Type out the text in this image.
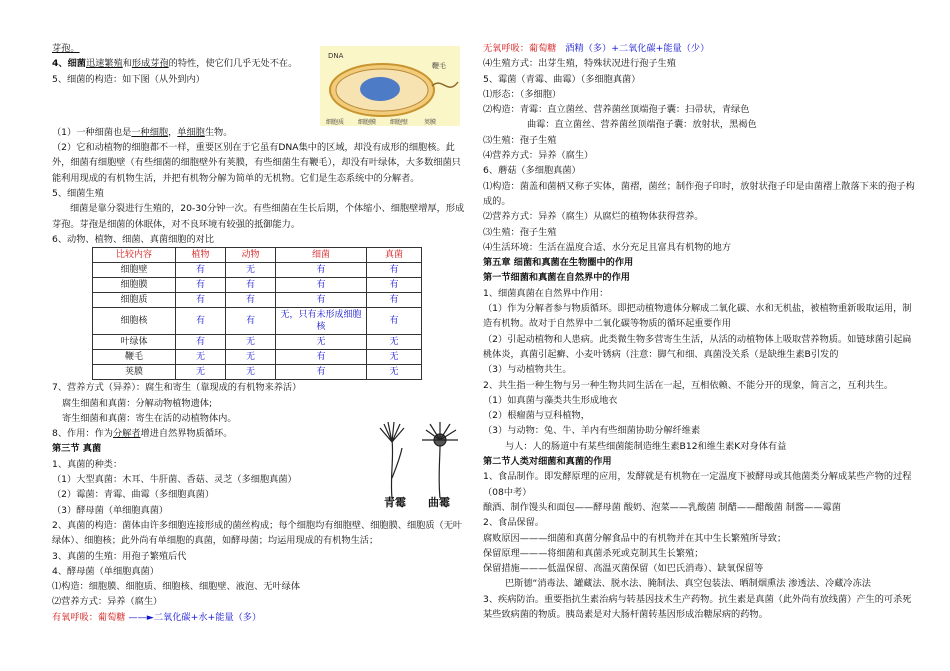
芽孢。
4、细菌迅速繁殖和形成芽孢的特性，使它们几乎无处不在。
5、细菌的构造：如下图（从外到内）
（1）一种细菌也是一种细胞，单细胞生物。
（2）它和动植物的细胞都不一样，重要区别在于它虽有DNA集中的区域，却没有成形的细胞核。此外，细菌有细胞壁（有些细菌的细胞壁外有荚膜，有些细菌生有鞭毛），却没有叶绿体，大多数细菌只能利用现成的有机物生活，并把有机物分解为简单的无机物。它们是生态系统中的分解者。
5、细菌生殖
细菌是靠分裂进行生殖的，20-30分钟一次。有些细菌在生长后期，个体缩小、细胞壁增厚，形成芽孢。芽孢是细菌的休眠体，对不良环境有较强的抵御能力。
6、动物、植物、细菌、真菌细胞的对比
比较内容	植物	动物	细菌	真菌
细胞壁	有	无	有	有
细胞膜	有	有	有	有
细胞质	有	有	有	有
细胞核	有	有	无，只有未形成细胞核	有
叶绿体	有	无	无	无
鞭毛	无	无	有	无
荚膜	无	无	有	无
7、营养方式（异养）：腐生和寄生（靠现成的有机物来养活）
腐生细菌和真菌：分解动物植物遗体;
寄生细菌和真菌：寄生在活的动植物体内。
8、作用：作为分解者增进自然界物质循环。
第三节 真菌
1、真菌的种类：
（1）大型真菌：木耳、牛肝菌、香菇、灵芝（多细胞真菌）
（2）霉菌：青霉、曲霉（多细胞真菌）
（3）酵母菌（单细胞真菌）
2、真菌的构造：菌体由许多细胞连接形成的菌丝构成；每个细胞均有细胞壁、细胞膜、细胞质（无叶绿体）、细胞核；此外尚有单细胞的真菌，如酵母菌；均运用现成的有机物生活；
3、真菌的生殖：用孢子繁殖后代
4、酵母菌（单细胞真菌）
⑴构造：细胞膜、细胞质、细胞核、细胞壁、液泡、无叶绿体
⑵营养方式：异养（腐生）
有氧呼吸：葡萄糖 ——►二氧化碳+水+能量（多）
DNA
鞭毛
细胞质 细胞膜 细胞壁	荚膜
青霉 曲霉
无氧呼吸：葡萄糖 酒精（多）+二氧化碳+能量（少）
⑷生殖方式：出芽生殖，特殊状况进行孢子生殖
5、霉菌（青霉、曲霉）（多细胞真菌）
⑴形态：（多细胞）
⑵构造：青霉：直立菌丝、营养菌丝顶端孢子囊：扫帚状，青绿色
曲霉：直立菌丝、营养菌丝顶端孢子囊：放射状，黑褐色
⑶生殖：孢子生殖
⑷营养方式：异养（腐生）
6、蘑菇（多细胞真菌）
⑴构造：菌盖和菌柄又称子实体，菌褶，菌丝；制作孢子印时，放射状孢子印是由菌褶上散落下来的孢子构成的。
⑵营养方式：异养（腐生）从腐烂的植物体获得营养。
⑶生殖：孢子生殖
⑷生活环境：生活在温度合适、水分充足且富具有机物的地方
第五章 细菌和真菌在生物圈中的作用
第一节细菌和真菌在自然界中的作用
1、细菌真菌在自然界中作用：
（1）作为分解者参与物质循环。即把动植物遗体分解成二氧化碳、水和无机盐，被植物重新吸取运用，制造有机物。故对于自然界中二氧化碳等物质的循环起重要作用
（2）引起动植物和人患病。此类微生物多营寄生生活，从活的动植物体上吸取营养物质。如链球菌引起扁桃体炎，真菌引起癣、小麦叶锈病（注意：脚气和细、真菌没关系（是缺维生素B引发的
（3）与动植物共生。
2、共生指一种生物与另一种生物共同生活在一起，互相依赖、不能分开的现象，简言之，互利共生。
（1）如真菌与藻类共生形成地衣
（2）根瘤菌与豆科植物，
（3）与动物：兔、牛、羊内有些细菌协助分解纤维素
与人：人的肠道中有某些细菌能制造维生素B12和维生素K对身体有益
第二节人类对细菌和真菌的作用
1、食品制作。即发酵原理的应用，发酵就是有机物在一定温度下被酵母或其他菌类分解成某些产物的过程 （08中考）
酿酒、制作馒头和面包——酵母菌 酸奶、泡菜——乳酸菌 制醋——醋酸菌 制酱——霉菌
2、食品保留。
腐败原因———细菌和真菌分解食品中的有机物并在其中生长繁殖所导致；
保留原理———将细菌和真菌杀死或克制其生长繁殖；
保留措施———低温保留、高温灭菌保留（如巴氏消毒）、缺氧保留等
巴斯德“消毒法、罐藏法、脱水法、腌制法、真空包装法、晒制烟熏法 渗透法、冷藏冷冻法
3、疾病防治。重要指抗生素治病与转基因技术生产药物。抗生素是真菌（此外尚有放线菌）产生的可杀死某些致病菌的物质。胰岛素是对大肠杆菌转基因形成治糖尿病的药物。
